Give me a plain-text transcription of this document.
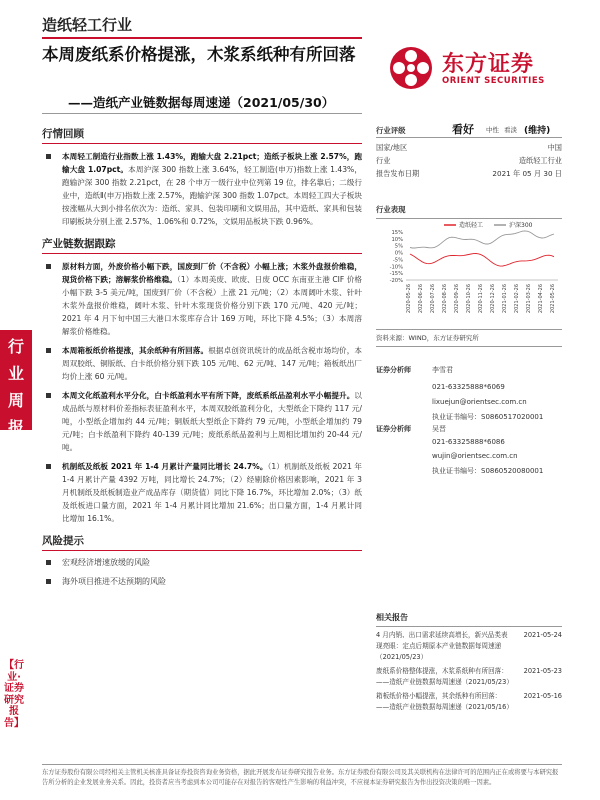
造纸轻工行业
本周废纸系价格提涨，木浆系纸种有所回落
——造纸产业链数据每周速递（2021/05/30）
东方证券
ORIENT SECURITIES
行
业
周
报
【行业·证券研究报告】
行情回顾
本周轻工制造行业指数上涨 1.43%，跑输大盘 2.21pct；造纸子板块上涨 2.57%，跑输大盘 1.07pct。本周沪深 300 指数上涨 3.64%，轻工制造(申万)指数上涨 1.43%，跑输沪深 300 指数 2.21pct，在 28 个申万一级行业中位列第 19 位，排名靠后；二级行业中，造纸Ⅱ(申万)指数上涨 2.57%，跑输沪深 300 指数 1.07pct。本周轻工四大子板块按涨幅从大到小排名依次为：造纸、家具、包装印刷和文娱用品，其中造纸、家具和包装印刷板块分别上涨 2.57%、1.06%和 0.72%，文娱用品板块下跌 0.96%。
产业链数据跟踪
原材料方面，外废价格小幅下跌，国废到厂价（不含税）小幅上涨；木浆外盘报价维稳，现货价格下跌；溶解浆价格维稳。（1）本周美废、欧废、日废 OCC 东南亚主港 CIF 价格小幅下跌 3-5 美元/吨，国废到厂价（不含税）上涨 21 元/吨；（2）本周阔叶木浆、针叶木浆外盘报价维稳，阔叶木浆、针叶木浆现货价格分别下跌 170 元/吨、420 元/吨；2021 年 4 月下旬中国三大港口木浆库存合计 169 万吨，环比下降 4.5%；（3）本周溶解浆价格维稳。
本周箱板纸价格提涨，其余纸种有所回落。根据卓创资讯统计的成品纸含税市场均价，本周双胶纸、铜版纸、白卡纸价格分别下跌 105 元/吨、62 元/吨、147 元/吨；箱板纸出厂均价上涨 60 元/吨。
本周文化纸盈利水平分化，白卡纸盈利水平有所下降，废纸系纸品盈利水平小幅提升。以成品纸与原材料价差指标表征盈利水平，本周双胶纸盈利分化，大型纸企下降约 117 元/吨，小型纸企增加约 44 元/吨；铜版纸大型纸企下降约 79 元/吨，小型纸企增加约 79 元/吨；白卡纸盈利下降约 40-139 元/吨；废纸系纸品盈利与上周相比增加约 20-44 元/吨。
机制纸及纸板 2021 年 1-4 月累计产量同比增长 24.7%。（1）机制纸及纸板 2021 年 1-4 月累计产量 4392 万吨，同比增长 24.7%；（2）经剔除价格因素影响，2021 年 3 月机制纸及纸板制造业产成品库存（期货值）同比下降 16.7%，环比增加 2.0%；（3）纸及纸板进口量方面，2021 年 1-4 月累计同比增加 21.6%；出口量方面，1-4 月累计同比增加 16.1%。
风险提示
宏观经济增速放缓的风险
海外项目推进不达预期的风险
行业评级	看好 中性 看淡 (维持)
国家/地区	中国
行业	造纸轻工行业
报告发布日期	2021 年 05 月 30 日
行业表现
15%
10%
5%
0%
-5%
-10%
-15%
-20%
2020-05-26 2020-06-26 2020-07-26 2020-08-26 2020-09-26 2020-10-26 2020-11-26 2020-12-26 2021-01-26 2021-02-26 2021-03-26 2021-04-26 2021-05-26
造纸轻工	沪深300
资料来源：WIND，东方证券研究所
证券分析师	李雪君
021-63325888*6069
lixuejun@orientsec.com.cn
执业证书编号：S0860517020001
证券分析师	吴晋
021-63325888*6086
wujin@orientsec.com.cn
执业证书编号：S0860520080001
相关报告
4 月内销、出口需求延续高增长，新兴品类表现亮眼：定点后期原本产业链数据每周速递（2021/05/23）
2021-05-24
废纸系价格整体提涨，木浆系纸种有所回落：——造纸产业链数据每周速递（2021/05/23）
2021-05-23
箱板纸价格小幅提涨，其余纸种有所回落：——造纸产业链数据每周速递（2021/05/16）
2021-05-16
东方证券股份有限公司经相关主管机关核准具备证券投资咨询业务资格，据此开展发布证券研究报告业务。东方证券股份有限公司及其关联机构在法律许可的范围内正在或将要与本研究报告所分析的企业发展业务关系。因此，投资者应当考虑到本公司可能存在对报告的客观性产生影响的利益冲突，不应视本证券研究报告为作出投资决策的唯一因素。
